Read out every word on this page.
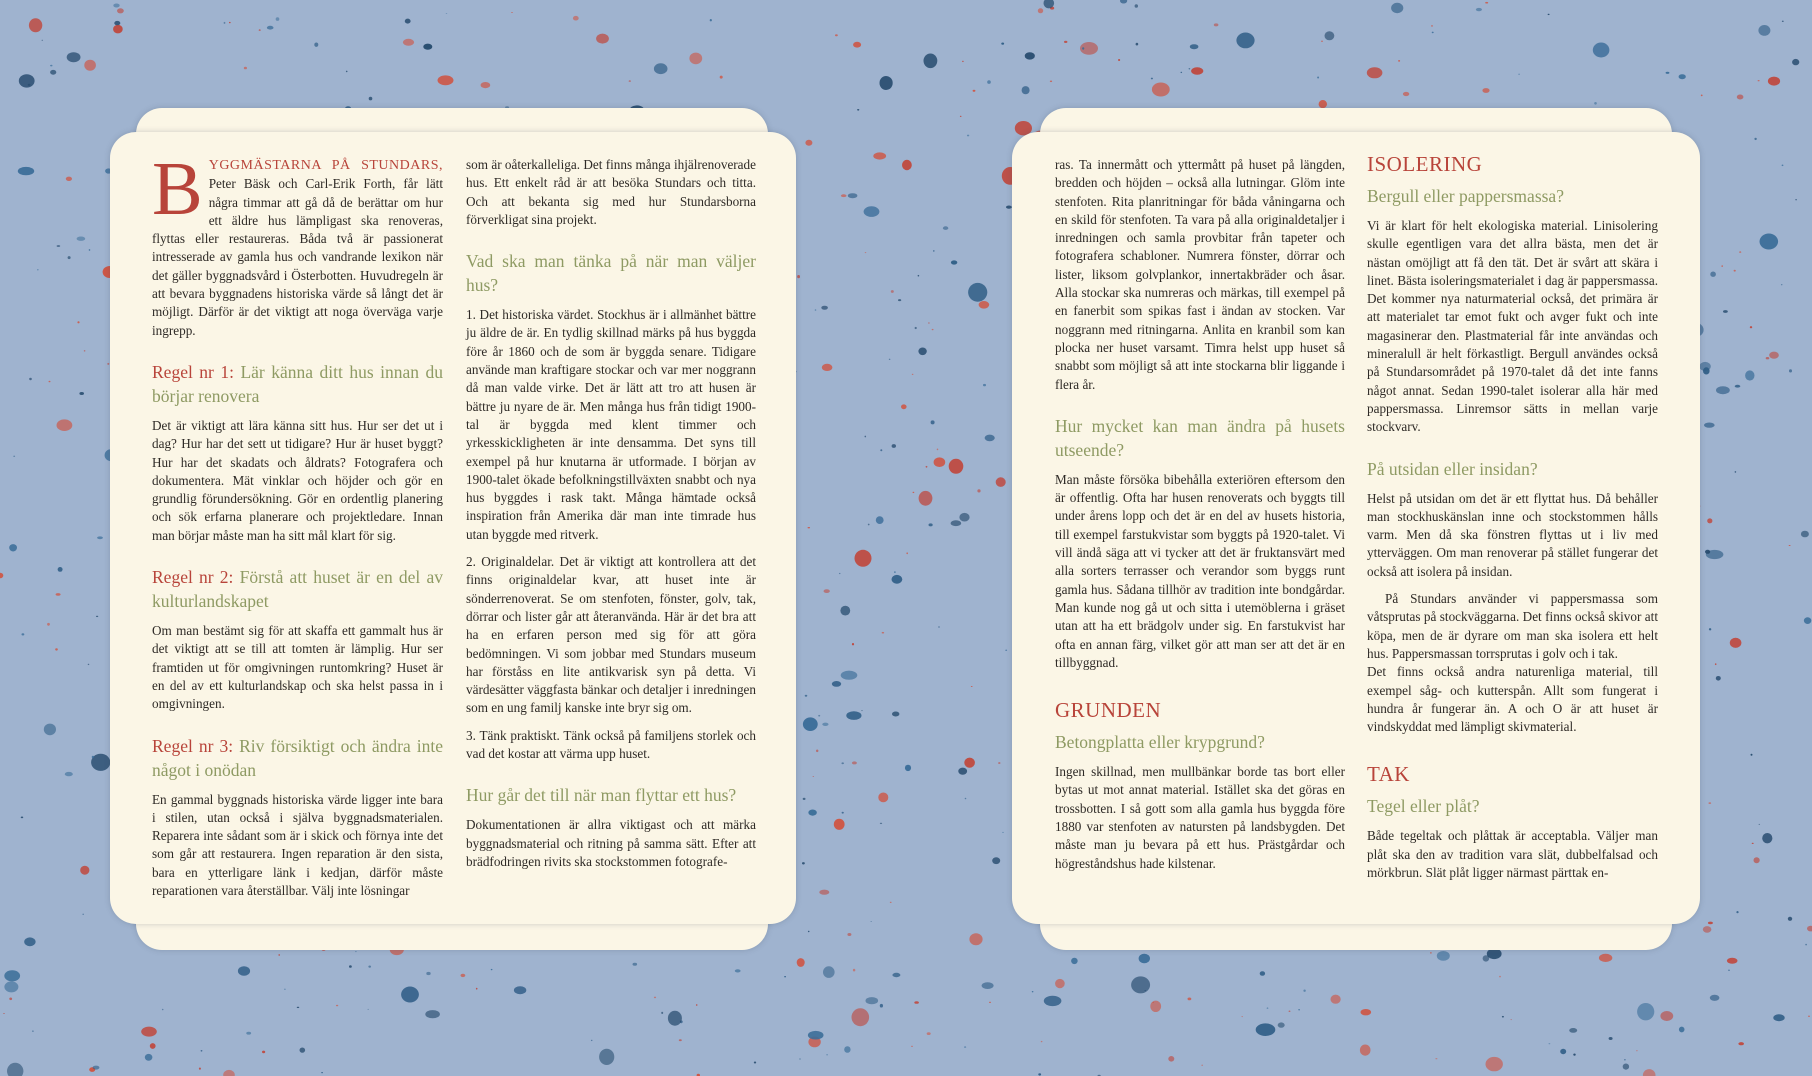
BYGGMÄSTARNA PÅ STUNDARS, Peter Bäsk och Carl-Erik Forth, får lätt några timmar att gå då de berättar om hur ett äldre hus lämpligast ska renoveras, flyttas eller restaureras. Båda två är passionerat intresserade av gamla hus och vandrande lexikon när det gäller byggnadsvård i Österbotten. Huvudregeln är att bevara byggnadens historiska värde så långt det är möjligt. Därför är det viktigt att noga överväga varje ingrepp.

Regel nr 1: Lär känna ditt hus innan du börjar renovera

Det är viktigt att lära känna sitt hus. Hur ser det ut i dag? Hur har det sett ut tidigare? Hur är huset byggt? Hur har det skadats och åldrats? Fotografera och dokumentera. Mät vinklar och höjder och gör en grundlig förundersökning. Gör en ordentlig planering och sök erfarna planerare och projektledare. Innan man börjar måste man ha sitt mål klart för sig.

Regel nr 2: Förstå att huset är en del av kulturlandskapet

Om man bestämt sig för att skaffa ett gammalt hus är det viktigt att se till att tomten är lämplig. Hur ser framtiden ut för omgivningen runtomkring? Huset är en del av ett kulturlandskap och ska helst passa in i omgivningen.

Regel nr 3: Riv försiktigt och ändra inte något i onödan

En gammal byggnads historiska värde ligger inte bara i stilen, utan också i själva byggnadsmaterialen. Reparera inte sådant som är i skick och förnya inte det som går att restaurera. Ingen reparation är den sista, bara en ytterligare länk i kedjan, därför måste reparationen vara återställbar. Välj inte lösningar

som är oåterkalleliga. Det finns många ihjälrenoverade hus. Ett enkelt råd är att besöka Stundars och titta. Och att bekanta sig med hur Stundarsborna förverkligat sina projekt.

Vad ska man tänka på när man väljer hus?

1. Det historiska värdet. Stockhus är i allmänhet bättre ju äldre de är. En tydlig skillnad märks på hus byggda före år 1860 och de som är byggda senare. Tidigare använde man kraftigare stockar och var mer noggrann då man valde virke. Det är lätt att tro att husen är bättre ju nyare de är. Men många hus från tidigt 1900-tal är byggda med klent timmer och yrkesskickligheten är inte densamma. Det syns till exempel på hur knutarna är utformade. I början av 1900-talet ökade befolkningstillväxten snabbt och nya hus byggdes i rask takt. Många hämtade också inspiration från Amerika där man inte timrade hus utan byggde med ritverk.

2. Originaldelar. Det är viktigt att kontrollera att det finns originaldelar kvar, att huset inte är sönderrenoverat. Se om stenfoten, fönster, golv, tak, dörrar och lister går att återanvända. Här är det bra att ha en erfaren person med sig för att göra bedömningen. Vi som jobbar med Stundars museum har förståss en lite antikvarisk syn på detta. Vi värdesätter väggfasta bänkar och detaljer i inredningen som en ung familj kanske inte bryr sig om.

3. Tänk praktiskt. Tänk också på familjens storlek och vad det kostar att värma upp huset.

Hur går det till när man flyttar ett hus?

Dokumentationen är allra viktigast och att märka byggnadsmaterial och ritning på samma sätt. Efter att brädfodringen rivits ska stockstommen fotografe-

ras. Ta innermått och yttermått på huset på längden, bredden och höjden – också alla lutningar. Glöm inte stenfoten. Rita planritningar för båda våningarna och en skild för stenfoten. Ta vara på alla originaldetaljer i inredningen och samla provbitar från tapeter och fotografera schabloner. Numrera fönster, dörrar och lister, liksom golvplankor, innertakbräder och åsar. Alla stockar ska numreras och märkas, till exempel på en fanerbit som spikas fast i ändan av stocken. Var noggrann med ritningarna. Anlita en kranbil som kan plocka ner huset varsamt. Timra helst upp huset så snabbt som möjligt så att inte stockarna blir liggande i flera år.

Hur mycket kan man ändra på husets utseende?

Man måste försöka bibehålla exteriören eftersom den är offentlig. Ofta har husen renoverats och byggts till under årens lopp och det är en del av husets historia, till exempel farstukvistar som byggts på 1920-talet. Vi vill ändå säga att vi tycker att det är fruktansvärt med alla sorters terrasser och verandor som byggs runt gamla hus. Sådana tillhör av tradition inte bondgårdar. Man kunde nog gå ut och sitta i utemöblerna i gräset utan att ha ett brädgolv under sig. En farstukvist har ofta en annan färg, vilket gör att man ser att det är en tillbyggnad.

GRUNDEN
Betongplatta eller krypgrund?

Ingen skillnad, men mullbänkar borde tas bort eller bytas ut mot annat material. Istället ska det göras en trossbotten. I så gott som alla gamla hus byggda före 1880 var stenfoten av natursten på landsbygden. Det måste man ju bevara på ett hus. Prästgårdar och högreståndshus hade kilstenar.

ISOLERING
Bergull eller pappersmassa?

Vi är klart för helt ekologiska material. Linisolering skulle egentligen vara det allra bästa, men det är nästan omöjligt att få den tät. Det är svårt att skära i linet. Bästa isoleringsmaterialet i dag är pappersmassa. Det kommer nya naturmaterial också, det primära är att materialet tar emot fukt och avger fukt och inte magasinerar den. Plastmaterial får inte användas och mineralull är helt förkastligt. Bergull användes också på Stundarsområdet på 1970-talet då det inte fanns något annat. Sedan 1990-talet isolerar alla här med pappersmassa. Linremsor sätts in mellan varje stockvarv.

På utsidan eller insidan?

Helst på utsidan om det är ett flyttat hus. Då behåller man stockhuskänslan inne och stockstommen hålls varm. Men då ska fönstren flyttas ut i liv med ytterväggen. Om man renoverar på stället fungerar det också att isolera på insidan.

På Stundars använder vi pappersmassa som våtsprutas på stockväggarna. Det finns också skivor att köpa, men de är dyrare om man ska isolera ett helt hus. Pappersmassan torrsprutas i golv och i tak.

Det finns också andra naturenliga material, till exempel såg- och kutterspån. Allt som fungerat i hundra år fungerar än. A och O är att huset är vindskyddat med lämpligt skivmaterial.

TAK
Tegel eller plåt?

Både tegeltak och plåttak är acceptabla. Väljer man plåt ska den av tradition vara slät, dubbelfalsad och mörkbrun. Slät plåt ligger närmast pärttak en-
